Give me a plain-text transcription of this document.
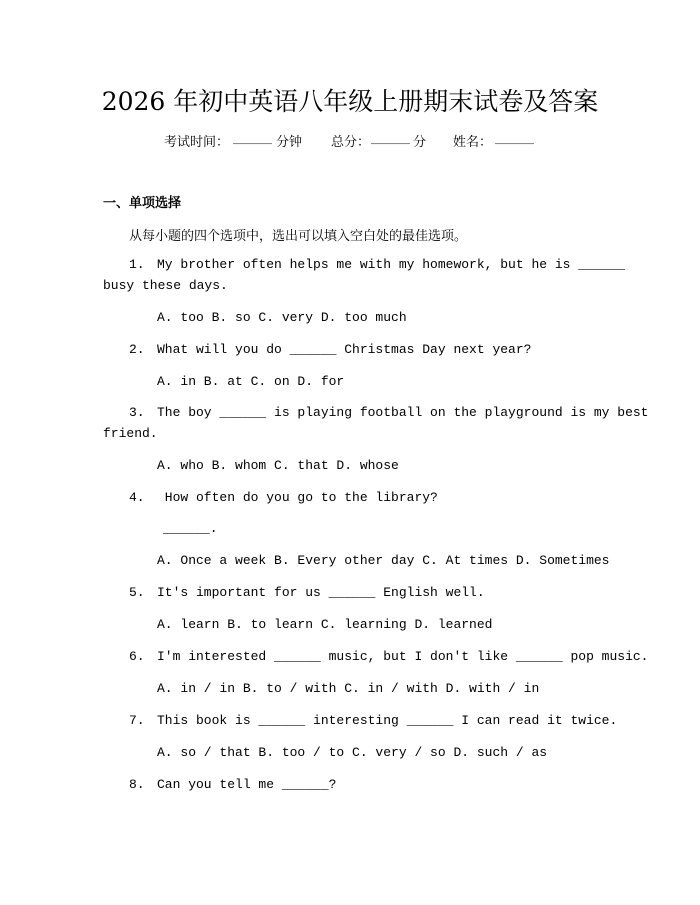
2026 年初中英语八年级上册期末试卷及答案
考试时间： ______ 分钟 总分： ______ 分 姓名： ______
一、单项选择
从每小题的四个选项中，选出可以填入空白处的最佳选项。
1. My brother often helps me with my homework, but he is ______
busy these days.
A. too B. so C. very D. too much
2. What will you do ______ Christmas Day next year?
A. in B. at C. on D. for
3. The boy ______ is playing football on the playground is my best
friend.
A. who B. whom C. that D. whose
4. How often do you go to the library?
______.
A. Once a week B. Every other day C. At times D. Sometimes
5. It's important for us ______ English well.
A. learn B. to learn C. learning D. learned
6. I'm interested ______ music, but I don't like ______ pop music.
A. in / in B. to / with C. in / with D. with / in
7. This book is ______ interesting ______ I can read it twice.
A. so / that B. too / to C. very / so D. such / as
8. Can you tell me ______?
